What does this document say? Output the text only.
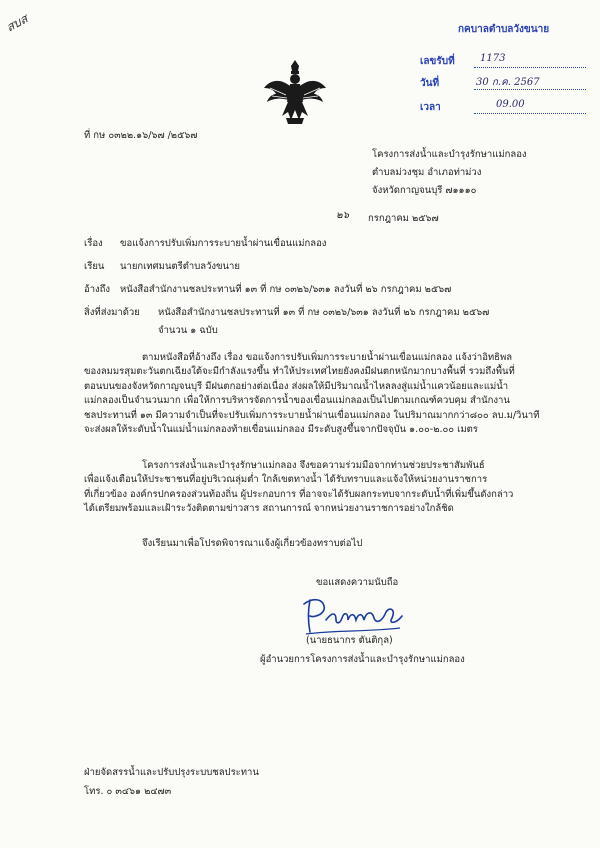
สบส	กคบาลตำบลวังขนาย
เลขรับที่	1173
วันที่	30 ก.ค. 2567
เวลา	09.00
ที่ กษ ๐๓๒๒.๑๖/๖๗ /๒๕๖๗
โครงการส่งน้ำและบำรุงรักษาแม่กลอง
ตำบลม่วงชุม อำเภอท่าม่วง
จังหวัดกาญจนบุรี ๗๑๑๑๐
๒๖ กรกฎาคม ๒๕๖๗
เรื่อง ขอแจ้งการปรับเพิ่มการระบายน้ำผ่านเขื่อนแม่กลอง
เรียน นายกเทศมนตรีตำบลวังขนาย
อ้างถึง หนังสือสำนักงานชลประทานที่ ๑๓ ที่ กษ ๐๓๒๖/๖๓๑ ลงวันที่ ๒๖ กรกฎาคม ๒๕๖๗
สิ่งที่ส่งมาด้วย หนังสือสำนักงานชลประทานที่ ๑๓ ที่ กษ ๐๓๒๖/๖๓๑ ลงวันที่ ๒๖ กรกฎาคม ๒๕๖๗
จำนวน ๑ ฉบับ
ตามหนังสือที่อ้างถึง เรื่อง ขอแจ้งการปรับเพิ่มการระบายน้ำผ่านเขื่อนแม่กลอง แจ้งว่าอิทธิพล
ของลมมรสุมตะวันตกเฉียงใต้จะมีกำลังแรงขึ้น ทำให้ประเทศไทยยังคงมีฝนตกหนักมากบางพื้นที่ รวมถึงพื้นที่
ตอนบนของจังหวัดกาญจนบุรี มีฝนตกอย่างต่อเนื่อง ส่งผลให้มีปริมาณน้ำไหลลงสู่แม่น้ำแควน้อยและแม่น้ำ
แม่กลองเป็นจำนวนมาก เพื่อให้การบริหารจัดการน้ำของเขื่อนแม่กลองเป็นไปตามเกณฑ์ควบคุม สำนักงาน
ชลประทานที่ ๑๓ มีความจำเป็นที่จะปรับเพิ่มการระบายน้ำผ่านเขื่อนแม่กลอง ในปริมาณมากกว่า๘๐๐ ลบ.ม/วินาที
จะส่งผลให้ระดับน้ำในแม่น้ำแม่กลองท้ายเขื่อนแม่กลอง มีระดับสูงขึ้นจากปัจจุบัน ๑.๐๐-๒.๐๐ เมตร
โครงการส่งน้ำและบำรุงรักษาแม่กลอง จึงขอความร่วมมือจากท่านช่วยประชาสัมพันธ์
เพื่อแจ้งเตือนให้ประชาชนที่อยู่บริเวณลุ่มต่ำ ใกล้เขตทางน้ำ ได้รับทราบและแจ้งให้หน่วยงานราชการ
ที่เกี่ยวข้อง องค์กรปกครองส่วนท้องถิ่น ผู้ประกอบการ ที่อาจจะได้รับผลกระทบจากระดับน้ำที่เพิ่มขึ้นดังกล่าว
ได้เตรียมพร้อมและเฝ้าระวังติดตามข่าวสาร สถานการณ์ จากหน่วยงานราชการอย่างใกล้ชิด
จึงเรียนมาเพื่อโปรดพิจารณาแจ้งผู้เกี่ยวข้องทราบต่อไป
ขอแสดงความนับถือ
(นายธนากร ตันติกุล)
ผู้อำนวยการโครงการส่งน้ำและบำรุงรักษาแม่กลอง
ฝ่ายจัดสรรน้ำและปรับปรุงระบบชลประทาน
โทร. ๐ ๓๔๖๑ ๒๔๗๓
